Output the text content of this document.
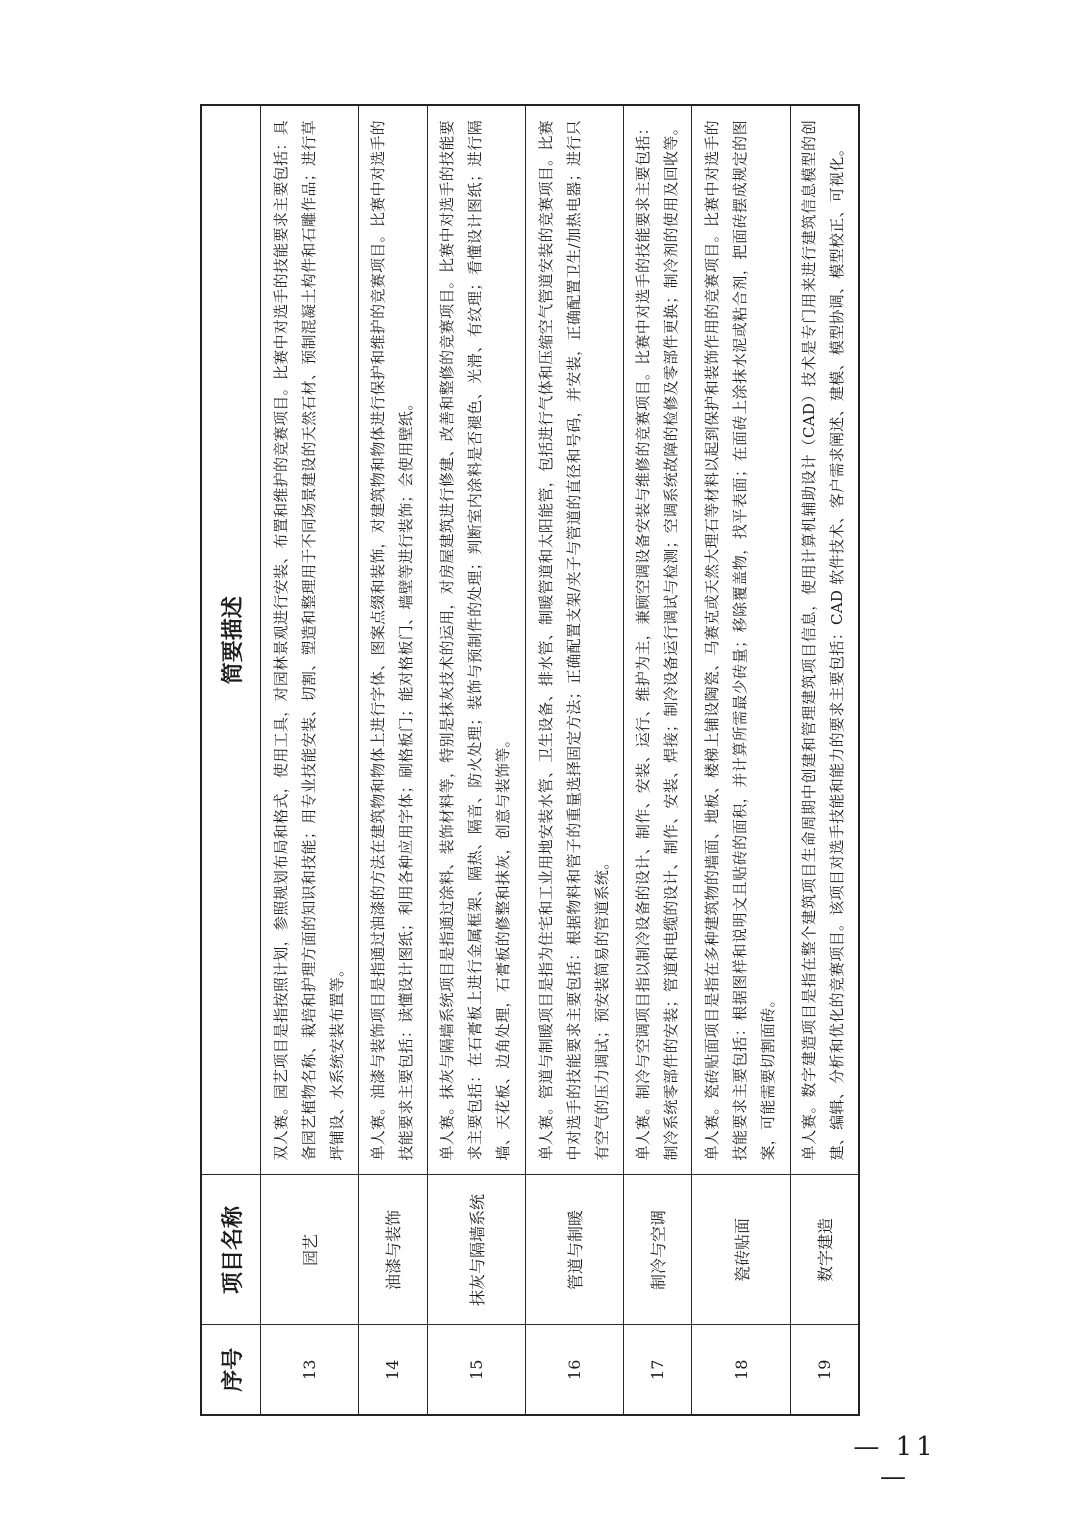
序号	项目名称	简要描述
13	园艺	双人赛。园艺项目是指按照计划，参照规划布局和格式，使用工具，对园林景观进行安装、布置和维护的竞赛项目。比赛中对选手的技能要求主要包括：具备园艺植物名称、栽培和护理方面的知识和技能；用专业技能安装、切割、塑造和整理用于不同场景建设的天然石材、预制混凝土构件和石雕作品；进行草坪铺设、水系统安装布置等。
14	油漆与装饰	单人赛。油漆与装饰项目是指通过油漆的方法在建筑物和物体上进行字体、图案点缀和装饰，对建筑物和物体进行保护和维护的竞赛项目。比赛中对选手的技能要求主要包括：读懂设计图纸；利用各种应用字体；刷格板门；能对格板门、墙壁等进行装饰；会使用壁纸。
15	抹灰与隔墙系统	单人赛。抹灰与隔墙系统项目是指通过涂料、装饰材料等，特别是抹灰技术的运用，对房屋建筑进行修建、改善和整修的竞赛项目。比赛中对选手的技能要求主要包括：在石膏板上进行金属框架、隔热、隔音、防火处理；装饰与预制件的处理；判断室内涂料是否褪色、光滑、有纹理；看懂设计图纸；进行隔墙、天花板、边角处理，石膏板的修整和抹灰，创意与装饰等。
16	管道与制暖	单人赛。管道与制暖项目是指为住宅和工业用地安装水管、卫生设备、排水管、制暖管道和太阳能管，包括进行气体和压缩空气管道安装的竞赛项目。比赛中对选手的技能要求主要包括：根据物料和管子的重量选择固定方法；正确配置支架/夹子与管道的直径和号码，并安装，正确配置卫生/加热电器；进行只有空气的压力调试；预安装简易的管道系统。
17	制冷与空调	单人赛。制冷与空调项目指以制冷设备的设计、制作、安装、运行、维护为主，兼顾空调设备安装与维修的竞赛项目。比赛中对选手的技能要求主要包括：制冷系统零部件的安装；管道和电缆的设计、制作、安装、焊接；制冷设备运行调试与检测；空调系统故障的检修及零部件更换；制冷剂的使用及回收等。
18	瓷砖贴面	单人赛。瓷砖贴面项目是指在多种建筑物的墙面、地板、楼梯上铺设陶瓷、马赛克或天然大理石等材料以起到保护和装饰作用的竞赛项目。比赛中对选手的技能要求主要包括：根据图样和说明文且贴砖的面积，并计算所需最少砖量；移除覆盖物，找平表面；在面砖上涂抹水泥或粘合剂，把面砖摆成规定的图案，可能需要切割面砖。
19	数字建造	单人赛。数字建造项目是指在整个建筑项目生命周期中创建和管理建筑项目信息，使用计算机辅助设计（CAD）技术是专门用来进行建筑信息模型的创建、编辑、分析和优化的竞赛项目。该项目对选手技能和能力的要求主要包括：CAD 软件技术、客户需求阐述、建模、模型协调、模型校正、可视化。
— 11 —
